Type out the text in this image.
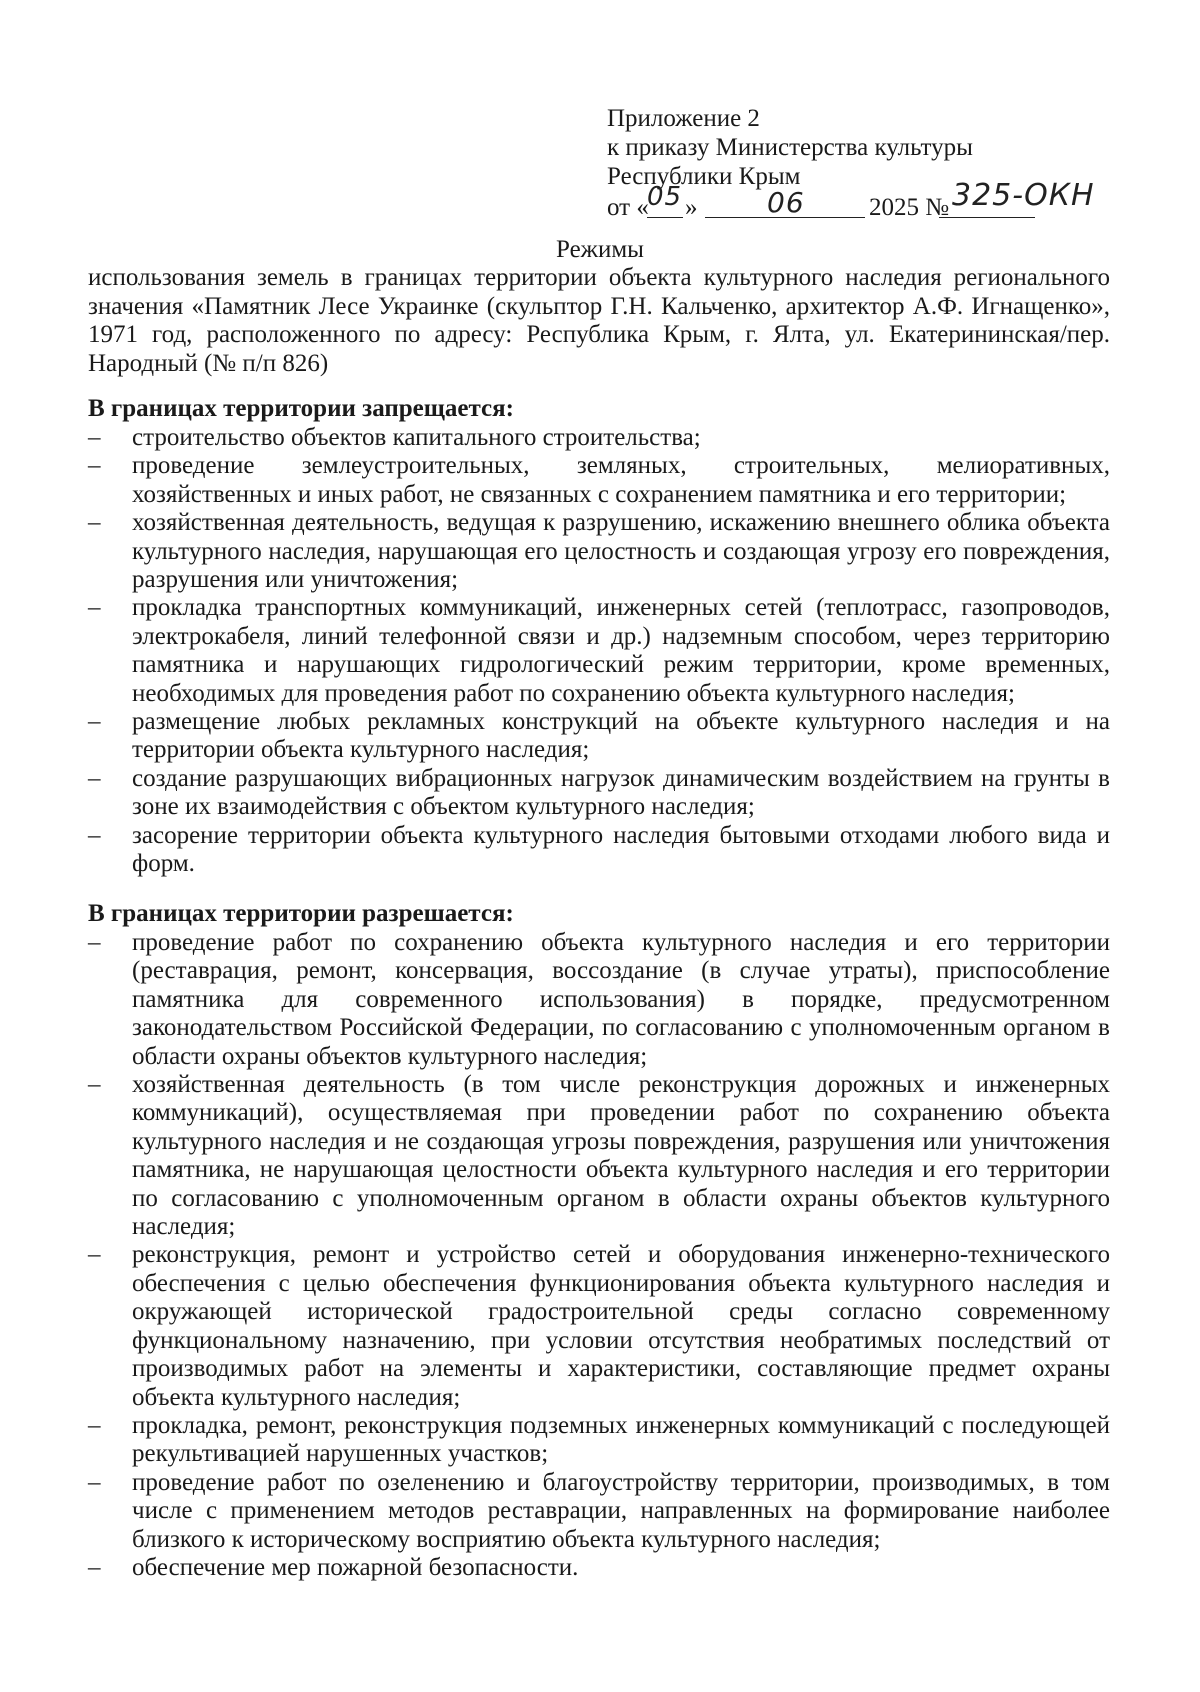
Приложение 2
к приказу Министерства культуры
Республики Крым
от «
05 » 06	2025 № 325-ОКН
Режимы
использования земель в границах территории объекта культурного наследия регионального значения «Памятник Лесе Украинке (скульптор Г.Н. Кальченко, архитектор А.Ф. Игнащенко», 1971 год, расположенного по адресу: Республика Крым, г. Ялта, ул. Екатерининская/пер. Народный (№ п/п 826)
В границах территории запрещается:
–	строительство объектов капитального строительства;
–	проведение землеустроительных, земляных, строительных, мелиоративных, хозяйственных и иных работ, не связанных с сохранением памятника и его территории;
–	хозяйственная деятельность, ведущая к разрушению, искажению внешнего облика объекта культурного наследия, нарушающая его целостность и создающая угрозу его повреждения, разрушения или уничтожения;
–	прокладка транспортных коммуникаций, инженерных сетей (теплотрасс, газопроводов, электрокабеля, линий телефонной связи и др.) надземным способом, через территорию памятника и нарушающих гидрологический режим территории, кроме временных, необходимых для проведения работ по сохранению объекта культурного наследия;
–	размещение любых рекламных конструкций на объекте культурного наследия и на территории объекта культурного наследия;
–	создание разрушающих вибрационных нагрузок динамическим воздействием на грунты в зоне их взаимодействия с объектом культурного наследия;
–	засорение территории объекта культурного наследия бытовыми отходами любого вида и форм.
В границах территории разрешается:
–	проведение работ по сохранению объекта культурного наследия и его территории (реставрация, ремонт, консервация, воссоздание (в случае утраты), приспособление памятника для современного использования) в порядке, предусмотренном законодательством Российской Федерации, по согласованию с уполномоченным органом в области охраны объектов культурного наследия;
–	хозяйственная деятельность (в том числе реконструкция дорожных и инженерных коммуникаций), осуществляемая при проведении работ по сохранению объекта культурного наследия и не создающая угрозы повреждения, разрушения или уничтожения памятника, не нарушающая целостности объекта культурного наследия и его территории по согласованию с уполномоченным органом в области охраны объектов культурного наследия;
–	реконструкция, ремонт и устройство сетей и оборудования инженерно-технического обеспечения с целью обеспечения функционирования объекта культурного наследия и окружающей исторической градостроительной среды согласно современному функциональному назначению, при условии отсутствия необратимых последствий от производимых работ на элементы и характеристики, составляющие предмет охраны объекта культурного наследия;
–	прокладка, ремонт, реконструкция подземных инженерных коммуникаций с последующей рекультивацией нарушенных участков;
–	проведение работ по озеленению и благоустройству территории, производимых, в том числе с применением методов реставрации, направленных на формирование наиболее близкого к историческому восприятию объекта культурного наследия;
–	обеспечение мер пожарной безопасности.
